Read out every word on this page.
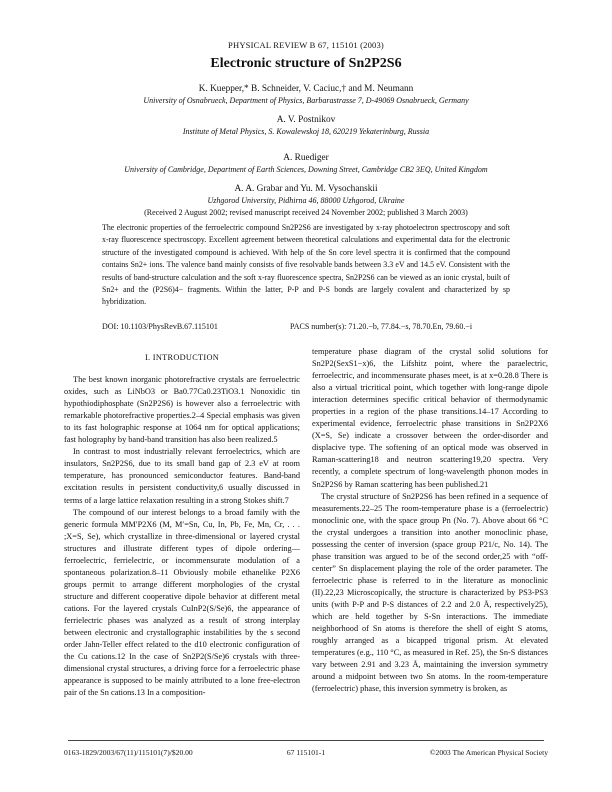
PHYSICAL REVIEW B 67, 115101 (2003)
Electronic structure of Sn2P2S6
K. Kuepper,* B. Schneider, V. Caciuc,† and M. Neumann
University of Osnabrueck, Department of Physics, Barbarastrasse 7, D-49069 Osnabrueck, Germany
A. V. Postnikov
Institute of Metal Physics, S. Kowalewskoj 18, 620219 Yekaterinburg, Russia
A. Ruediger
University of Cambridge, Department of Earth Sciences, Downing Street, Cambridge CB2 3EQ, United Kingdom
A. A. Grabar and Yu. M. Vysochanskii
Uzhgorod University, Pidhirna 46, 88000 Uzhgorod, Ukraine
(Received 2 August 2002; revised manuscript received 24 November 2002; published 3 March 2003)
The electronic properties of the ferroelectric compound Sn2P2S6 are investigated by x-ray photoelectron spectroscopy and soft x-ray fluorescence spectroscopy. Excellent agreement between theoretical calculations and experimental data for the electronic structure of the investigated compound is achieved. With help of the Sn core level spectra it is confirmed that the compound contains Sn2+ ions. The valence band mainly consists of five resolvable bands between 3.3 eV and 14.5 eV. Consistent with the results of band-structure calculation and the soft x-ray fluorescence spectra, Sn2P2S6 can be viewed as an ionic crystal, built of Sn2+ and the (P2S6)4− fragments. Within the latter, P-P and P-S bonds are largely covalent and characterized by sp hybridization.
DOI: 10.1103/PhysRevB.67.115101	PACS number(s): 71.20.−b, 77.84.−s, 78.70.En, 79.60.−i
I. INTRODUCTION

The best known inorganic photorefractive crystals are ferroelectric oxides, such as LiNbO3 or Ba0.77Ca0.23TiO3.1 Nonoxidic tin hypothiodiphosphate (Sn2P2S6) is however also a ferroelectric with remarkable photorefractive properties.2–4 Special emphasis was given to its fast holographic response at 1064 nm for optical applications; fast holography by band-band transition has also been realized.5

In contrast to most industrially relevant ferroelectrics, which are insulators, Sn2P2S6, due to its small band gap of 2.3 eV at room temperature, has pronounced semiconductor features. Band-band excitation results in persistent conductivity,6 usually discussed in terms of a large lattice relaxation resulting in a strong Stokes shift.7

The compound of our interest belongs to a broad family with the generic formula MM′P2X6 (M, M′=Sn, Cu, In, Pb, Fe, Mn, Cr, . . . ;X=S, Se), which crystallize in three-dimensional or layered crystal structures and illustrate different types of dipole ordering—ferroelectric, ferrielectric, or incommensurate modulation of a spontaneous polarization.8–11 Obviously mobile ethanelike P2X6 groups permit to arrange different morphologies of the crystal structure and different cooperative dipole behavior at different metal cations. For the layered crystals CuInP2(S/Se)6, the appearance of ferrielectric phases was analyzed as a result of strong interplay between electronic and crystallographic instabilities by the s second order Jahn-Teller effect related to the d10 electronic configuration of the Cu cations.12 In the case of Sn2P2(S/Se)6 crystals with three-dimensional crystal structures, a driving force for a ferroelectric phase appearance is supposed to be mainly attributed to a lone free-electron pair of the Sn cations.13 In a composition-

temperature phase diagram of the crystal solid solutions for Sn2P2(SexS1−x)6, the Lifshitz point, where the paraelectric, ferroelectric, and incommensurate phases meet, is at x=0.28.8 There is also a virtual tricritical point, which together with long-range dipole interaction determines specific critical behavior of thermodynamic properties in a region of the phase transitions.14–17 According to experimental evidence, ferroelectric phase transitions in Sn2P2X6 (X=S, Se) indicate a crossover between the order-disorder and displacive type. The softening of an optical mode was observed in Raman-scattering18 and neutron scattering19,20 spectra. Very recently, a complete spectrum of long-wavelength phonon modes in Sn2P2S6 by Raman scattering has been published.21

The crystal structure of Sn2P2S6 has been refined in a sequence of measurements.22–25 The room-temperature phase is a (ferroelectric) monoclinic one, with the space group Pn (No. 7). Above about 66 °C the crystal undergoes a transition into another monoclinic phase, possessing the center of inversion (space group P21/c, No. 14). The phase transition was argued to be of the second order,25 with “off-center” Sn displacement playing the role of the order parameter. The ferroelectric phase is referred to in the literature as monoclinic (II).22,23 Microscopically, the structure is characterized by PS3-PS3 units (with P-P and P-S distances of 2.2 and 2.0 Å, respectively25), which are held together by S-Sn interactions. The immediate neighborhood of Sn atoms is therefore the shell of eight S atoms, roughly arranged as a bicapped trigonal prism. At elevated temperatures (e.g., 110 °C, as measured in Ref. 25), the Sn-S distances vary between 2.91 and 3.23 Å, maintaining the inversion symmetry around a midpoint between two Sn atoms. In the room-temperature (ferroelectric) phase, this inversion symmetry is broken, as

0163-1829/2003/67(11)/115101(7)/$20.00	67 115101-1	©2003 The American Physical Society
